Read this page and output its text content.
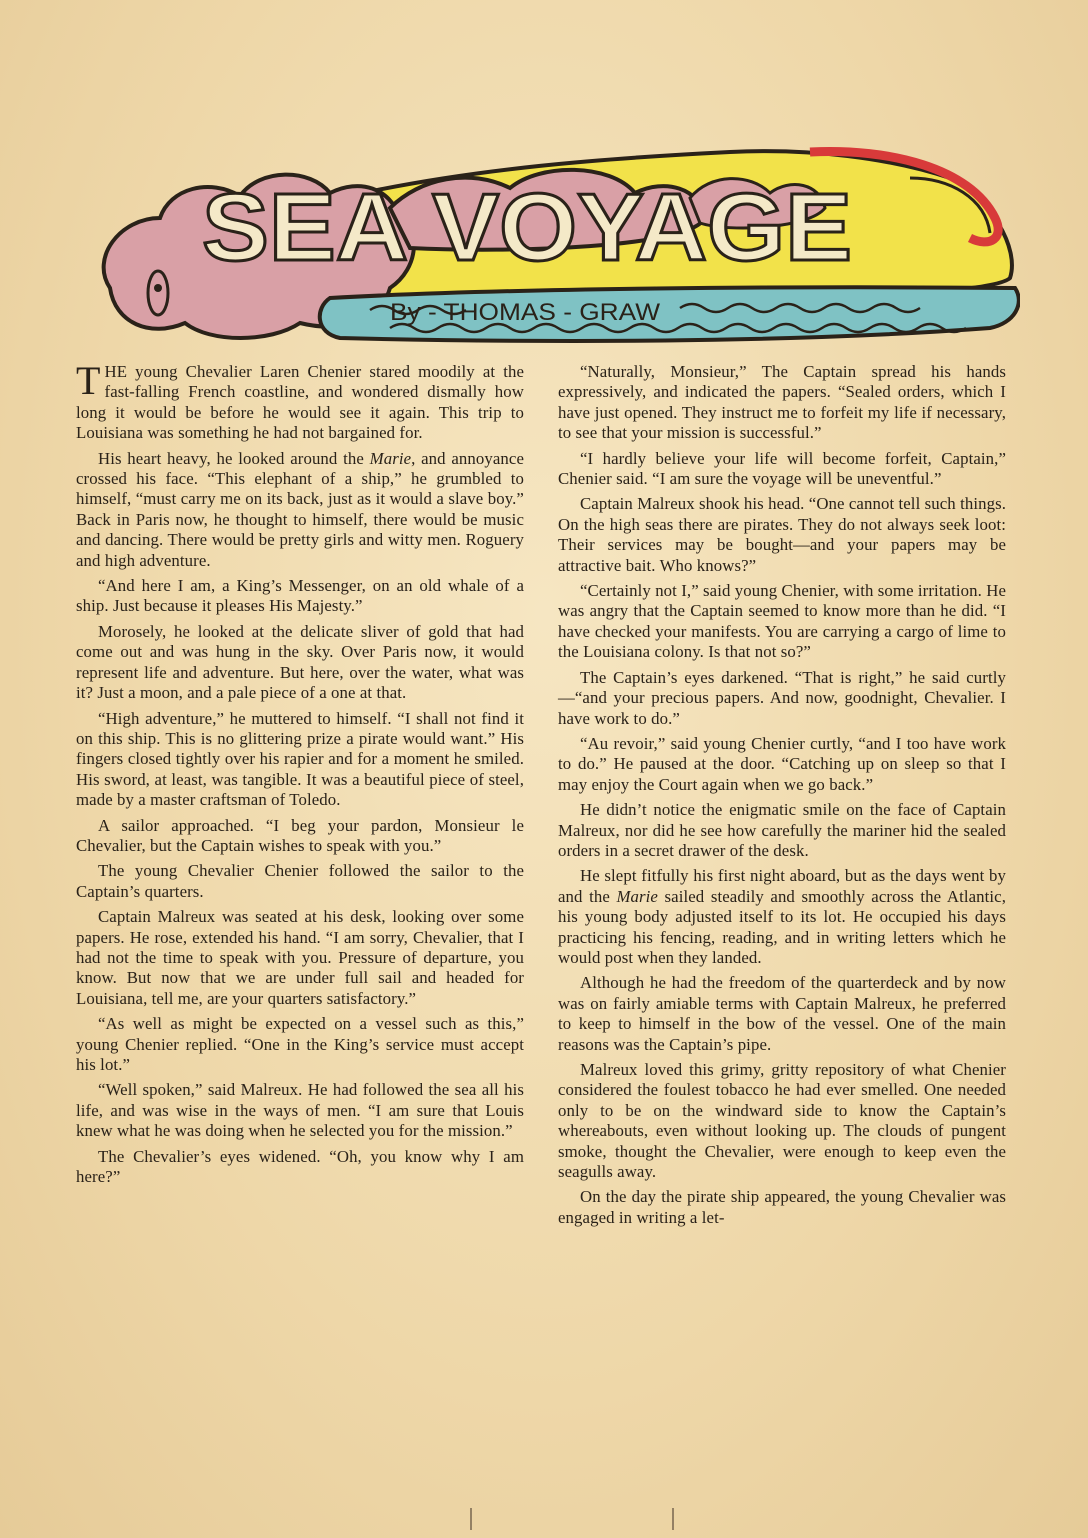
SEA VOYAGE
By - THOMAS - GRAW

THE young Chevalier Laren Chenier stared moodily at the fast-falling French coastline, and wondered dismally how long it would be before he would see it again. This trip to Louisiana was something he had not bargained for.

His heart heavy, he looked around the Marie, and annoyance crossed his face. “This elephant of a ship,” he grumbled to himself, “must carry me on its back, just as it would a slave boy.” Back in Paris now, he thought to himself, there would be music and dancing. There would be pretty girls and witty men. Roguery and high adventure.

“And here I am, a King’s Messenger, on an old whale of a ship. Just because it pleases His Majesty.”

Morosely, he looked at the delicate sliver of gold that had come out and was hung in the sky. Over Paris now, it would represent life and adventure. But here, over the water, what was it? Just a moon, and a pale piece of a one at that.

“High adventure,” he muttered to himself. “I shall not find it on this ship. This is no glittering prize a pirate would want.” His fingers closed tightly over his rapier and for a moment he smiled. His sword, at least, was tangible. It was a beautiful piece of steel, made by a master craftsman of Toledo.

A sailor approached. “I beg your pardon, Monsieur le Chevalier, but the Captain wishes to speak with you.”

The young Chevalier Chenier followed the sailor to the Captain’s quarters.

Captain Malreux was seated at his desk, looking over some papers. He rose, extended his hand. “I am sorry, Chevalier, that I had not the time to speak with you. Pressure of departure, you know. But now that we are under full sail and headed for Louisiana, tell me, are your quarters satisfactory.”

“As well as might be expected on a vessel such as this,” young Chenier replied. “One in the King’s service must accept his lot.”

“Well spoken,” said Malreux. He had followed the sea all his life, and was wise in the ways of men. “I am sure that Louis knew what he was doing when he selected you for the mission.”

The Chevalier’s eyes widened. “Oh, you know why I am here?”

“Naturally, Monsieur,” The Captain spread his hands expressively, and indicated the papers. “Sealed orders, which I have just opened. They instruct me to forfeit my life if necessary, to see that your mission is successful.”

“I hardly believe your life will become forfeit, Captain,” Chenier said. “I am sure the voyage will be uneventful.”

Captain Malreux shook his head. “One cannot tell such things. On the high seas there are pirates. They do not always seek loot: Their services may be bought—and your papers may be attractive bait. Who knows?”

“Certainly not I,” said young Chenier, with some irritation. He was angry that the Captain seemed to know more than he did. “I have checked your manifests. You are carrying a cargo of lime to the Louisiana colony. Is that not so?”

The Captain’s eyes darkened. “That is right,” he said curtly—“and your precious papers. And now, goodnight, Chevalier. I have work to do.”

“Au revoir,” said young Chenier curtly, “and I too have work to do.” He paused at the door. “Catching up on sleep so that I may enjoy the Court again when we go back.”

He didn’t notice the enigmatic smile on the face of Captain Malreux, nor did he see how carefully the mariner hid the sealed orders in a secret drawer of the desk.

He slept fitfully his first night aboard, but as the days went by and the Marie sailed steadily and smoothly across the Atlantic, his young body adjusted itself to its lot. He occupied his days practicing his fencing, reading, and in writing letters which he would post when they landed.

Although he had the freedom of the quarterdeck and by now was on fairly amiable terms with Captain Malreux, he preferred to keep to himself in the bow of the vessel. One of the main reasons was the Captain’s pipe.

Malreux loved this grimy, gritty repository of what Chenier considered the foulest tobacco he had ever smelled. One needed only to be on the windward side to know the Captain’s whereabouts, even without looking up. The clouds of pungent smoke, thought the Chevalier, were enough to keep even the seagulls away.

On the day the pirate ship appeared, the young Chevalier was engaged in writing a let-
